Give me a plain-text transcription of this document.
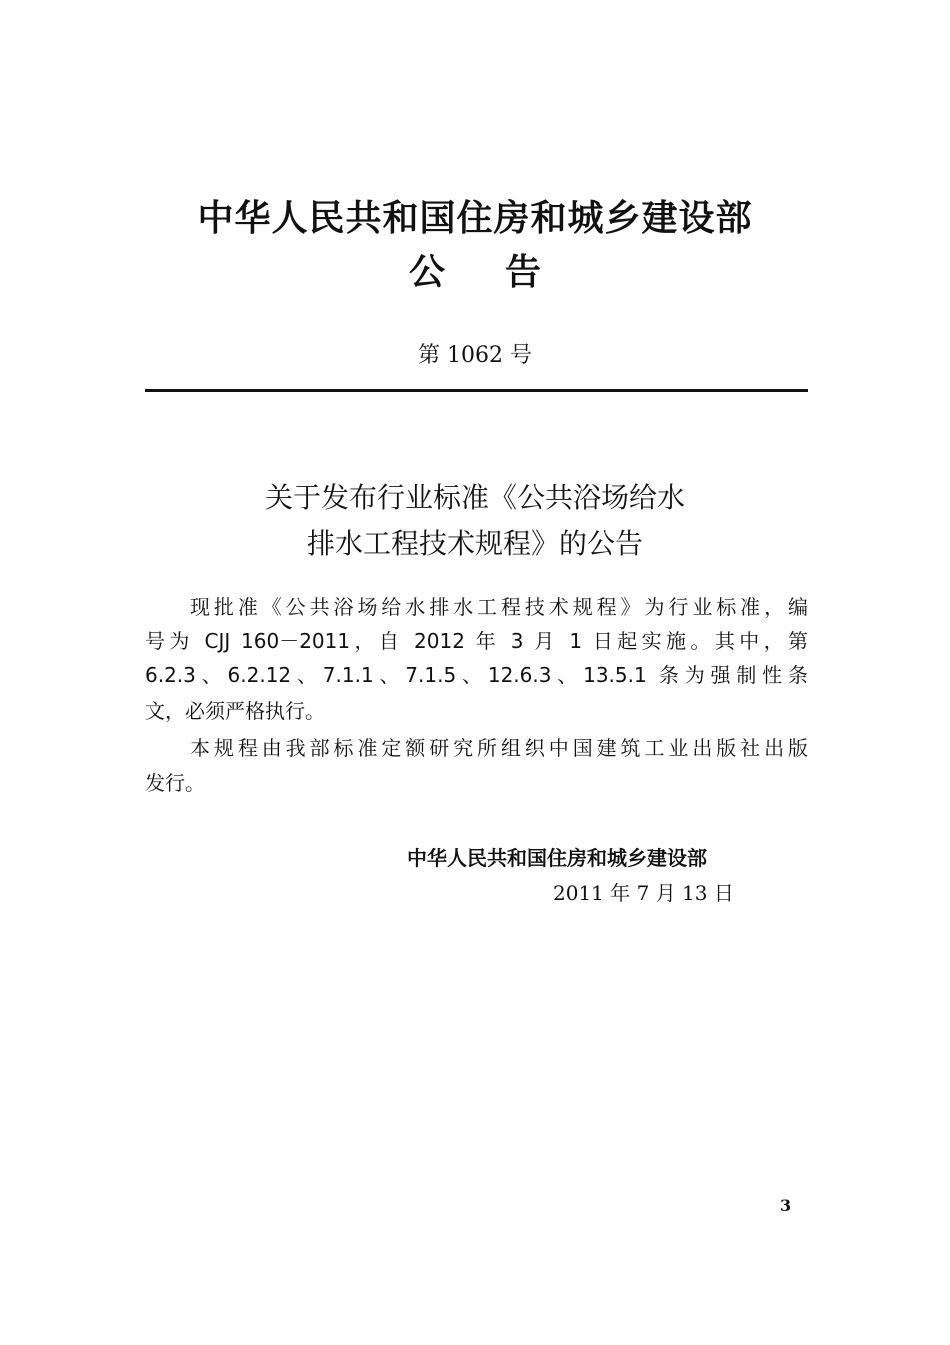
中华人民共和国住房和城乡建设部
公告
第 1062 号
关于发布行业标准《公共浴场给水
排水工程技术规程》的公告
现批准《公共浴场给水排水工程技术规程》为行业标准，编
号为 CJJ 160－2011，自 2012 年 3 月 1 日起实施。其中，第
6.2.3、6.2.12、7.1.1、7.1.5、12.6.3、13.5.1 条为强制性条
文，必须严格执行。
本规程由我部标准定额研究所组织中国建筑工业出版社出版
发行。
中华人民共和国住房和城乡建设部
2011 年 7 月 13 日
3
